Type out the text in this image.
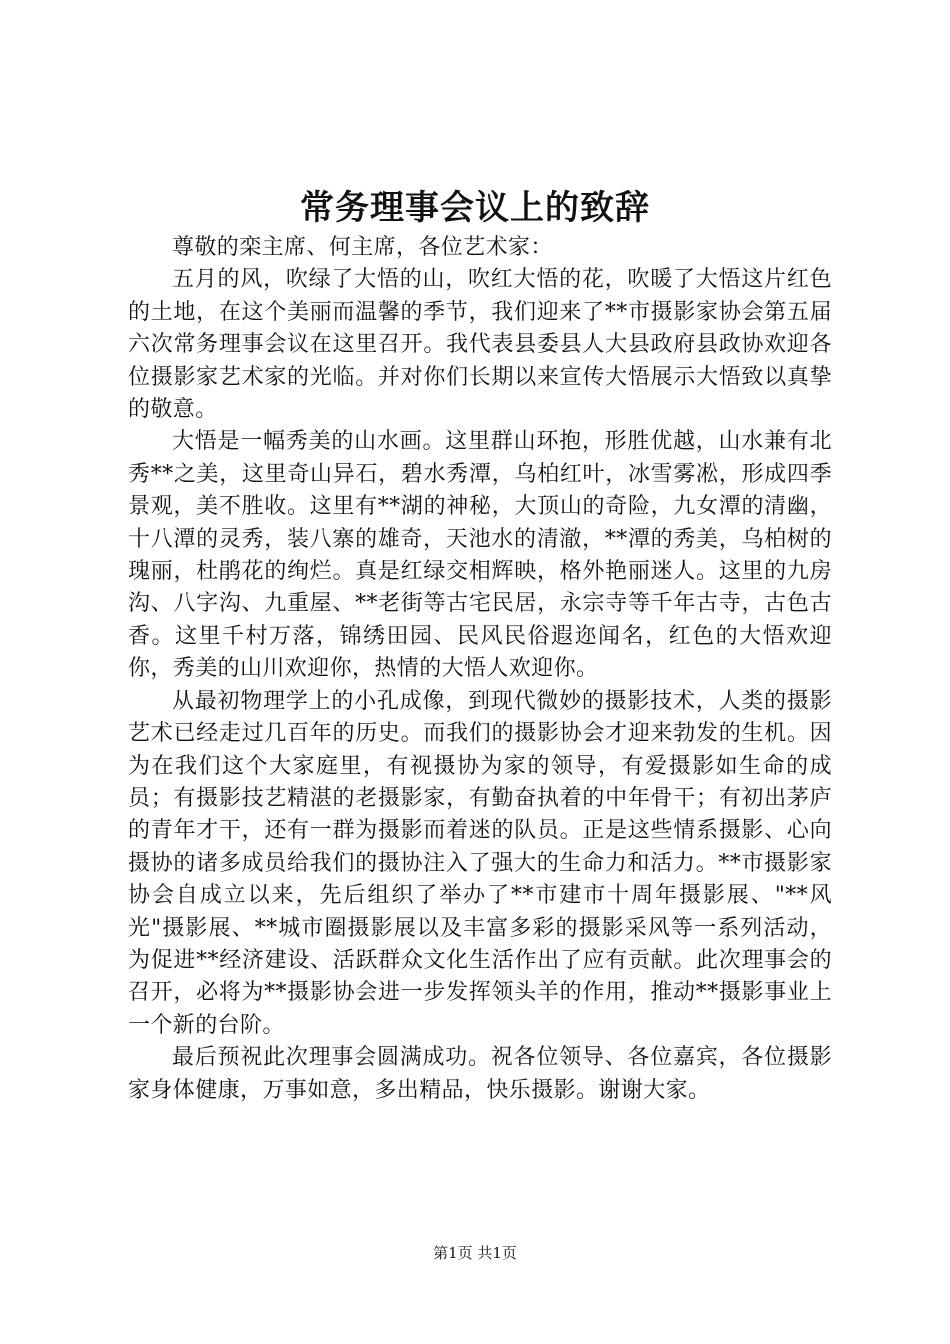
常务理事会议上的致辞

尊敬的栾主席、何主席，各位艺术家：

五月的风，吹绿了大悟的山，吹红大悟的花，吹暖了大悟这片红色的土地，在这个美丽而温馨的季节，我们迎来了**市摄影家协会第五届六次常务理事会议在这里召开。我代表县委县人大县政府县政协欢迎各位摄影家艺术家的光临。并对你们长期以来宣传大悟展示大悟致以真挚的敬意。

大悟是一幅秀美的山水画。这里群山环抱，形胜优越，山水兼有北秀**之美，这里奇山异石，碧水秀潭，乌柏红叶，冰雪雾凇，形成四季景观，美不胜收。这里有**湖的神秘，大顶山的奇险，九女潭的清幽，十八潭的灵秀，装八寨的雄奇，天池水的清澈，**潭的秀美，乌柏树的瑰丽，杜鹃花的绚烂。真是红绿交相辉映，格外艳丽迷人。这里的九房沟、八字沟、九重屋、**老街等古宅民居，永宗寺等千年古寺，古色古香。这里千村万落，锦绣田园、民风民俗遐迩闻名，红色的大悟欢迎你，秀美的山川欢迎你，热情的大悟人欢迎你。

从最初物理学上的小孔成像，到现代微妙的摄影技术，人类的摄影艺术已经走过几百年的历史。而我们的摄影协会才迎来勃发的生机。因为在我们这个大家庭里，有视摄协为家的领导，有爱摄影如生命的成员；有摄影技艺精湛的老摄影家，有勤奋执着的中年骨干；有初出茅庐的青年才干，还有一群为摄影而着迷的队员。正是这些情系摄影、心向摄协的诸多成员给我们的摄协注入了强大的生命力和活力。**市摄影家协会自成立以来，先后组织了举办了**市建市十周年摄影展、"**风光"摄影展、**城市圈摄影展以及丰富多彩的摄影采风等一系列活动，为促进**经济建设、活跃群众文化生活作出了应有贡献。此次理事会的召开，必将为**摄影协会进一步发挥领头羊的作用，推动**摄影事业上一个新的台阶。

最后预祝此次理事会圆满成功。祝各位领导、各位嘉宾，各位摄影家身体健康，万事如意，多出精品，快乐摄影。谢谢大家。

第1页 共1页
